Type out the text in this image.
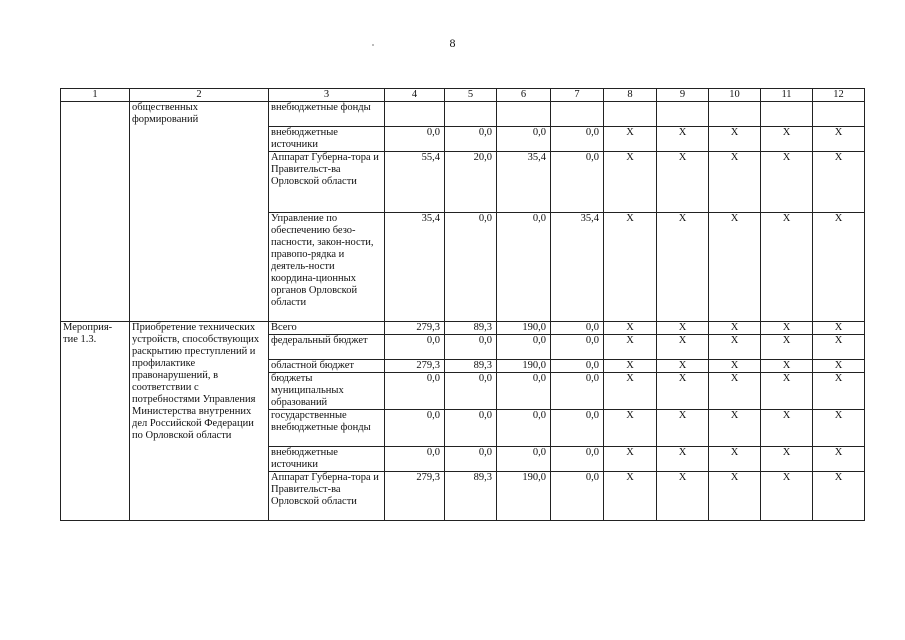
8
1	2	3	4	5	6	7	8	9	10	11	12
	общественных формирований	внебюджетные фонды									
		внебюджетные источники	0,0	0,0	0,0	0,0	X	X	X	X	X
		Аппарат Губерна-тора и Правительст-ва Орловской области	55,4	20,0	35,4	0,0	X	X	X	X	X
		Управление по обеспечению безо-пасности, закон-ности, правопо-рядка и деятель-ности координа-ционных органов Орловской области	35,4	0,0	0,0	35,4	X	X	X	X	X
Мероприя-тие 1.3.	Приобретение технических устройств, способствующих раскрытию преступлений и профилактике правонарушений, в соответствии с потребностями Управления Министерства внутренних дел Российской Федерации по Орловской области	Всего	279,3	89,3	190,0	0,0	X	X	X	X	X
		федеральный бюджет	0,0	0,0	0,0	0,0	X	X	X	X	X
		областной бюджет	279,3	89,3	190,0	0,0	X	X	X	X	X
		бюджеты муниципальных образований	0,0	0,0	0,0	0,0	X	X	X	X	X
		государственные внебюджетные фонды	0,0	0,0	0,0	0,0	X	X	X	X	X
		внебюджетные источники	0,0	0,0	0,0	0,0	X	X	X	X	X
		Аппарат Губерна-тора и Правительст-ва Орловской области	279,3	89,3	190,0	0,0	X	X	X	X	X
